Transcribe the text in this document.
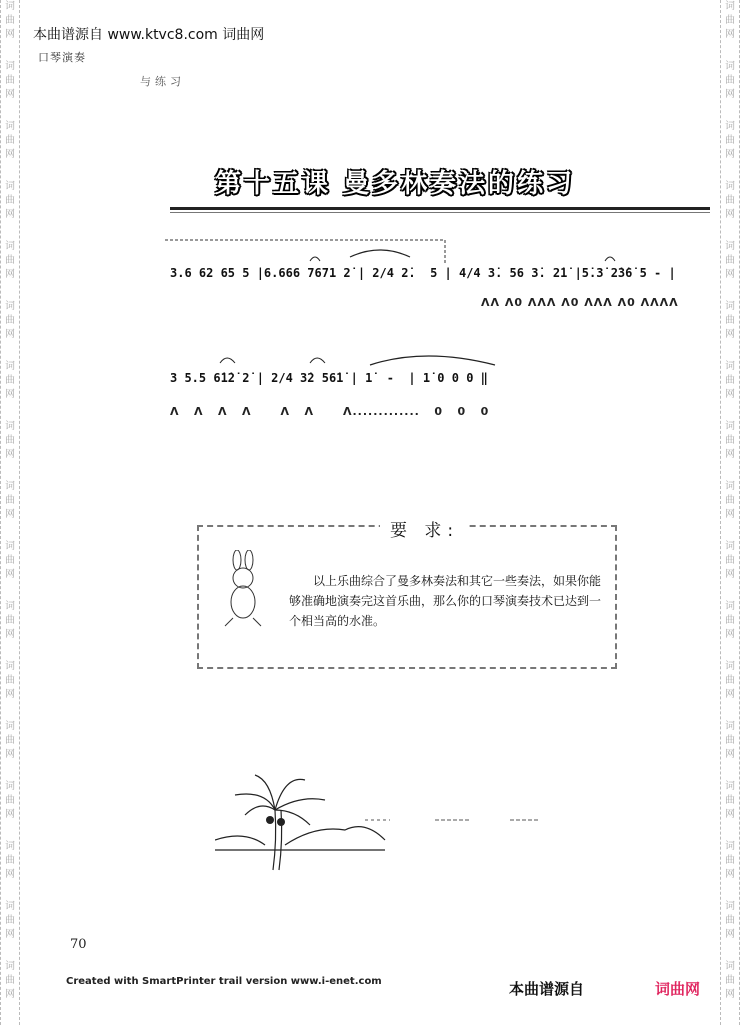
词
曲
网
词
曲
网
词
曲
网
词
曲
网
词
曲
网
词
曲
网
词
曲
网
词
曲
网
词
曲
网
词
曲
网
词
曲
网
词
曲
网
词
曲
网
词
曲
网
词
曲
网
词
曲
网
词
曲
网
词
曲
网
词
曲
网
词
曲
网
词
曲
网
词
曲
网
词
曲
网
词
曲
网
词
曲
网
词
曲
网
词
曲
网
词
曲
网
词
曲
网
词
曲
网
词
曲
网
词
曲
网
词
曲
网
词
曲
网
本曲谱源自 www.ktvc8.com 词曲网
口琴演奏
与练习
第十五课 曼多林奏法的练习
3.6 62 65 5 |6.666 7671 2̇ | 2/4 2̇.  5 | 4/4 3̇. 56 3̇. 2̇1̇ |5̇.3̇ 2̇3̇6̇ 5 - |
ΛΛ Λ0 ΛΛΛ Λ0 ΛΛΛ Λ0 ΛΛΛΛ
3 5.5 6̇1̇2̇ 2̇ | 2/4 3̇2 56̇1̇ | 1̇  -  | 1̇ 0 0 0 ‖
Λ   Λ   Λ   Λ      Λ   Λ      Λ.............   0   0   0
要 求:
以上乐曲综合了曼多林奏法和其它一些奏法，如果你能够准确地演奏完这首乐曲，那么你的口琴演奏技术已达到一个相当高的水准。
70
Created with SmartPrinter trail version www.i-enet.com	本曲谱源自	词曲网
